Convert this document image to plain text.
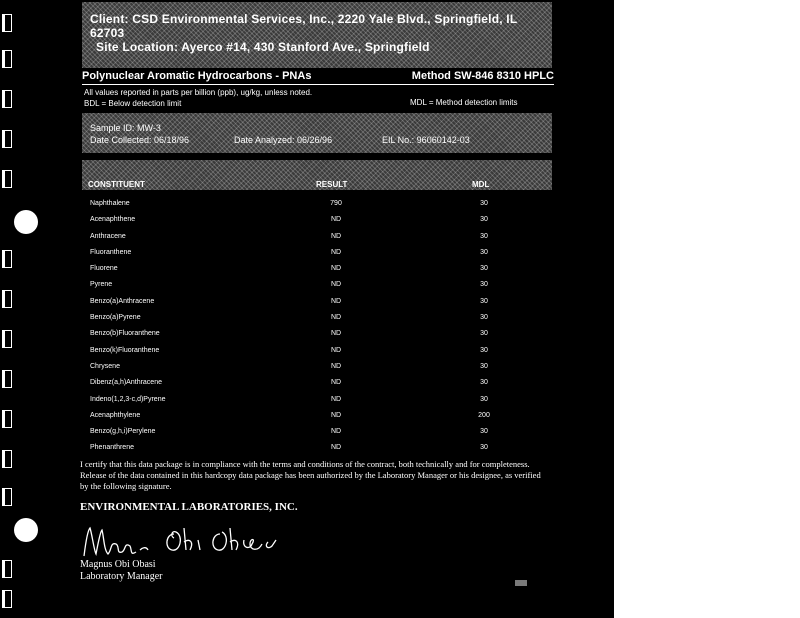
Client: CSD Environmental Services, Inc., 2220 Yale Blvd., Springfield, IL 62703
Site Location: Ayerco #14, 430 Stanford Ave., Springfield
Polynuclear Aromatic Hydrocarbons - PNAs	Method SW-846 8310 HPLC
All values reported in parts per billion (ppb), ug/kg, unless noted.
BDL = Below detection limit	MDL = Method detection limits
Sample ID: MW-3
Date Collected: 06/18/96	Date Analyzed: 06/26/96	EIL No.: 96060142-03
CONSTITUENT	RESULT	MDL
Naphthalene	790	30
Acenaphthene	ND	30
Anthracene	ND	30
Fluoranthene	ND	30
Fluorene	ND	30
Pyrene	ND	30
Benzo(a)Anthracene	ND	30
Benzo(a)Pyrene	ND	30
Benzo(b)Fluoranthene	ND	30
Benzo(k)Fluoranthene	ND	30
Chrysene	ND	30
Dibenz(a,h)Anthracene	ND	30
Indeno(1,2,3-c,d)Pyrene	ND	30
Acenaphthylene	ND	200
Benzo(g,h,i)Perylene	ND	30
Phenanthrene	ND	30
I certify that this data package is in compliance with the terms and conditions of the contract, both technically and for completeness. Release of the data contained in this hardcopy data package has been authorized by the Laboratory Manager or his designee, as verified by the following signature.
ENVIRONMENTAL LABORATORIES, INC.
Magnus Obi Obasi
Laboratory Manager
